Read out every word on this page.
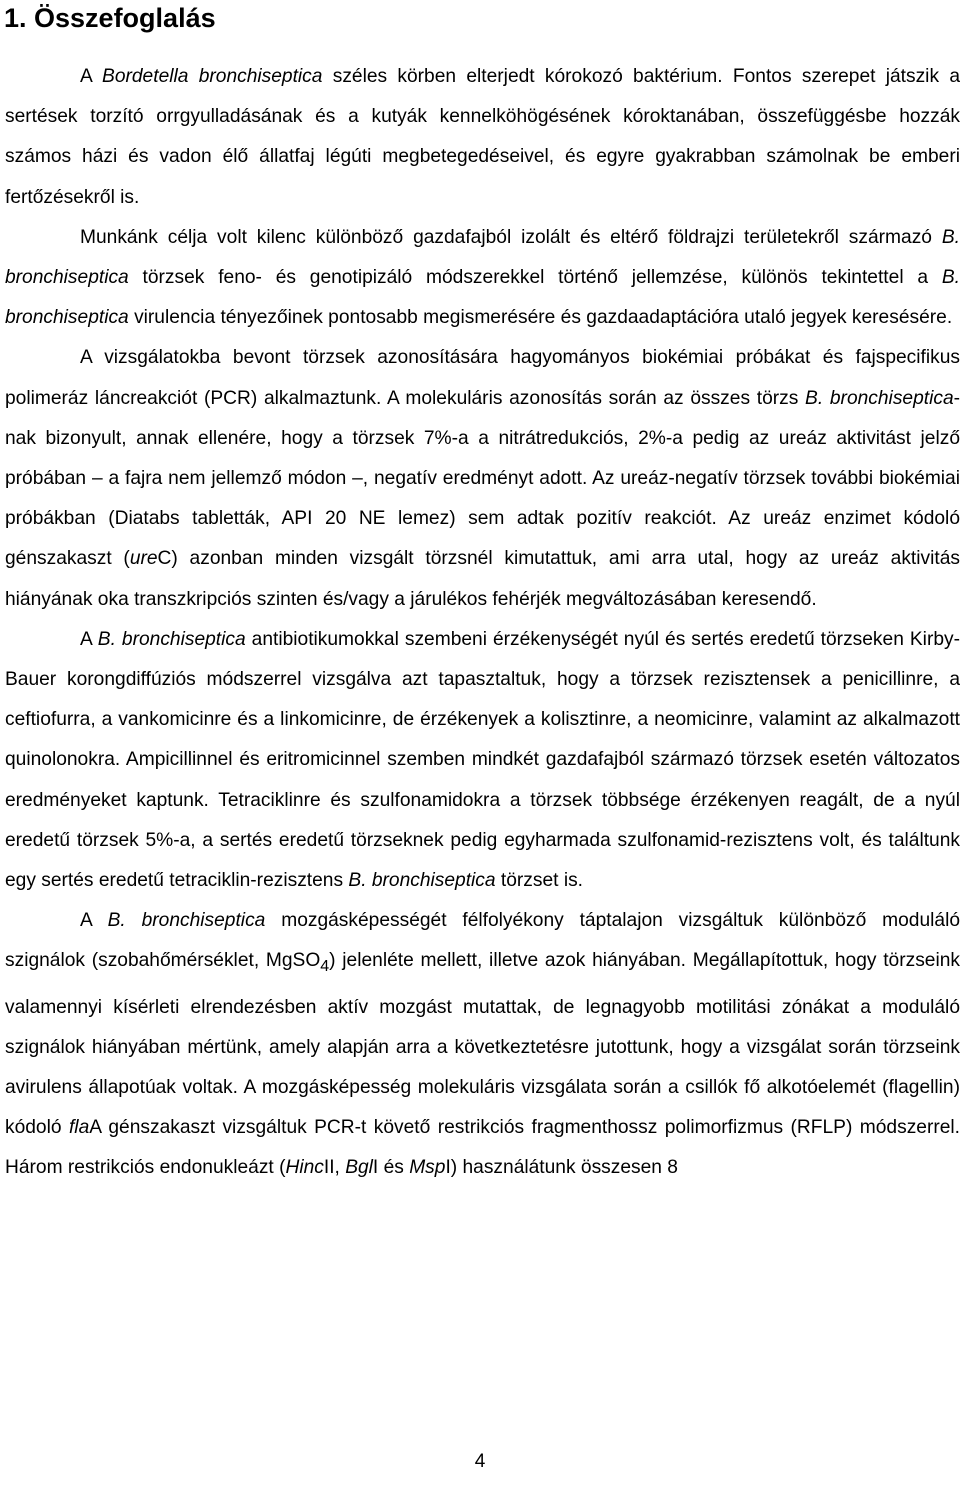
1. Összefoglalás

A Bordetella bronchiseptica széles körben elterjedt kórokozó baktérium. Fontos szerepet játszik a sertések torzító orrgyulladásának és a kutyák kennelköhögésének kóroktanában, összefüggésbe hozzák számos házi és vadon élő állatfaj légúti megbetegedéseivel, és egyre gyakrabban számolnak be emberi fertőzésekről is.

Munkánk célja volt kilenc különböző gazdafajból izolált és eltérő földrajzi területekről származó B. bronchiseptica törzsek feno- és genotipizáló módszerekkel történő jellemzése, különös tekintettel a B. bronchiseptica virulencia tényezőinek pontosabb megismerésére és gazdaadaptációra utaló jegyek keresésére.

A vizsgálatokba bevont törzsek azonosítására hagyományos biokémiai próbákat és fajspecifikus polimeráz láncreakciót (PCR) alkalmaztunk. A molekuláris azonosítás során az összes törzs B. bronchiseptica-nak bizonyult, annak ellenére, hogy a törzsek 7%-a a nitrátredukciós, 2%-a pedig az ureáz aktivitást jelző próbában – a fajra nem jellemző módon –, negatív eredményt adott. Az ureáz-negatív törzsek további biokémiai próbákban (Diatabs tabletták, API 20 NE lemez) sem adtak pozitív reakciót. Az ureáz enzimet kódoló génszakaszt (ureC) azonban minden vizsgált törzsnél kimutattuk, ami arra utal, hogy az ureáz aktivitás hiányának oka transzkripciós szinten és/vagy a járulékos fehérjék megváltozásában keresendő.

A B. bronchiseptica antibiotikumokkal szembeni érzékenységét nyúl és sertés eredetű törzseken Kirby-Bauer korongdiffúziós módszerrel vizsgálva azt tapasztaltuk, hogy a törzsek rezisztensek a penicillinre, a ceftiofurra, a vankomicinre és a linkomicinre, de érzékenyek a kolisztinre, a neomicinre, valamint az alkalmazott quinolonokra. Ampicillinnel és eritromicinnel szemben mindkét gazdafajból származó törzsek esetén változatos eredményeket kaptunk. Tetraciklinre és szulfonamidokra a törzsek többsége érzékenyen reagált, de a nyúl eredetű törzsek 5%-a, a sertés eredetű törzseknek pedig egyharmada szulfonamid-rezisztens volt, és találtunk egy sertés eredetű tetraciklin-rezisztens B. bronchiseptica törzset is.

A B. bronchiseptica mozgásképességét félfolyékony táptalajon vizsgáltuk különböző moduláló szignálok (szobahőmérséklet, MgSO$_4$) jelenléte mellett, illetve azok hiányában. Megállapítottuk, hogy törzseink valamennyi kísérleti elrendezésben aktív mozgást mutattak, de legnagyobb motilitási zónákat a moduláló szignálok hiányában mértünk, amely alapján arra a következtetésre jutottunk, hogy a vizsgálat során törzseink avirulens állapotúak voltak. A mozgásképesség molekuláris vizsgálata során a csillók fő alkotóelemét (flagellin) kódoló flaA génszakaszt vizsgáltuk PCR-t követő restrikciós fragmenthossz polimorfizmus (RFLP) módszerrel. Három restrikciós endonukleázt (HincII, BglI és MspI) használátunk összesen 8

4
